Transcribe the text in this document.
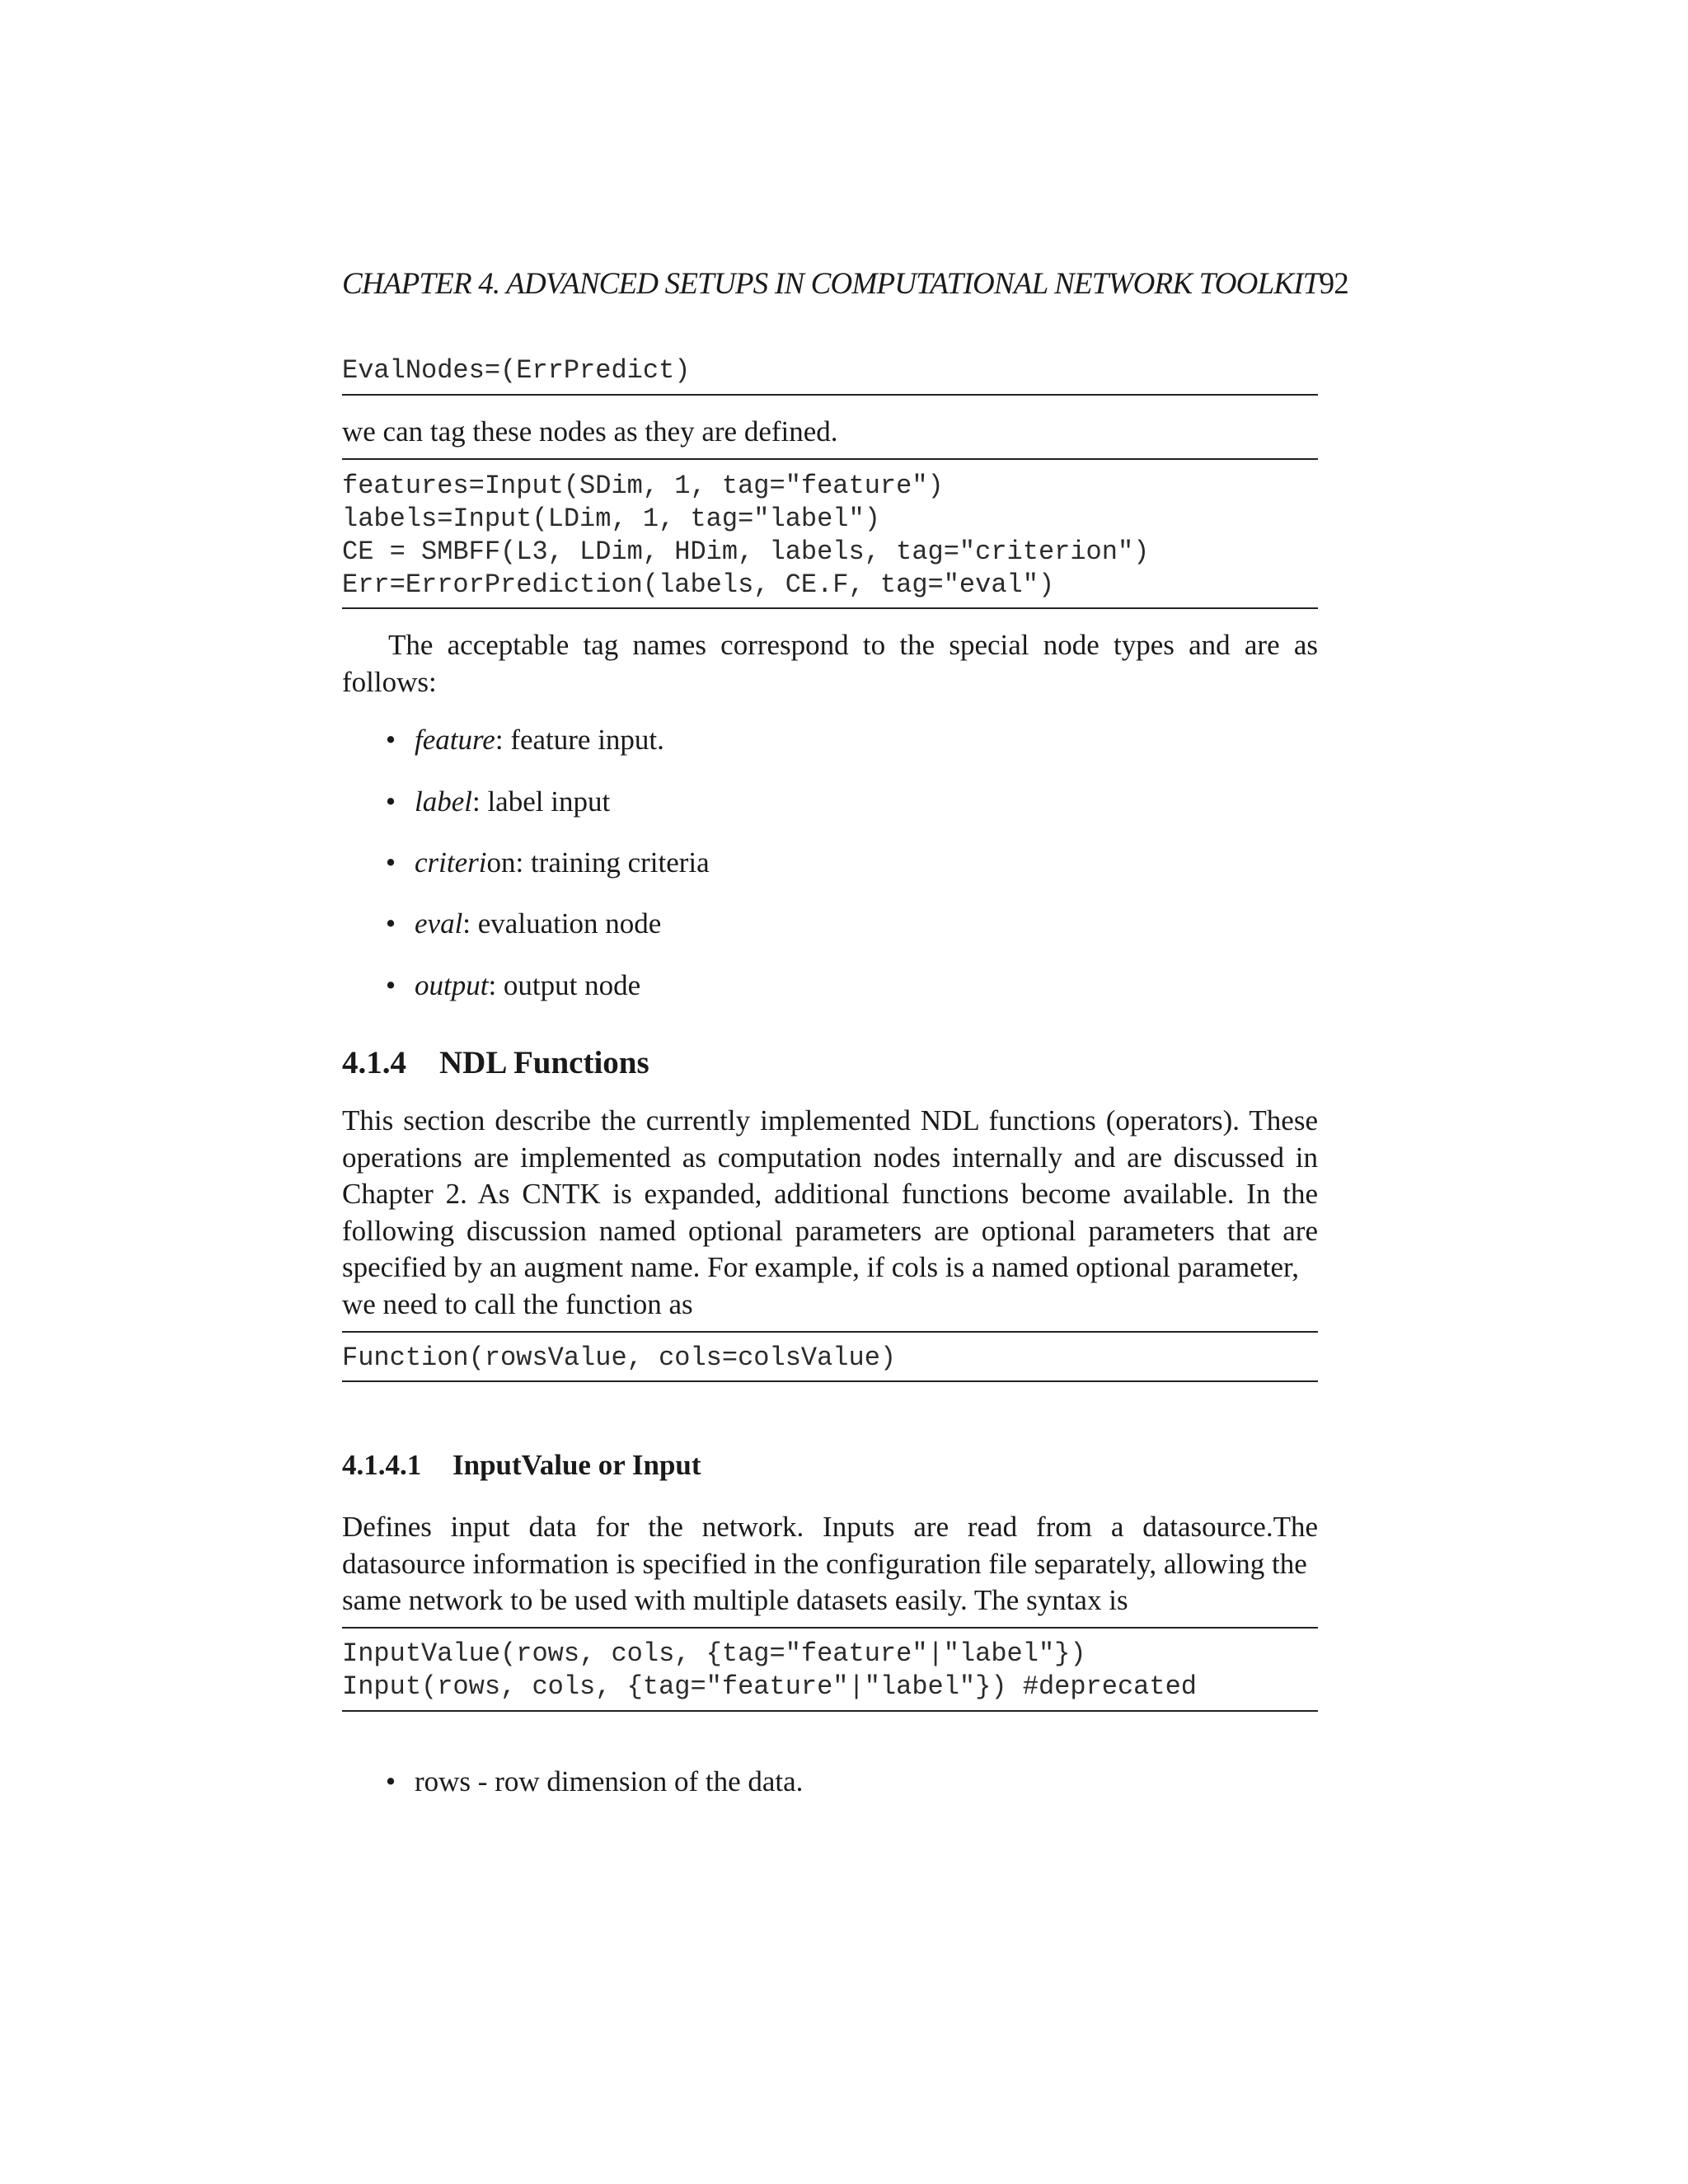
CHAPTER 4. ADVANCED SETUPS IN COMPUTATIONAL NETWORK TOOLKIT92
EvalNodes=(ErrPredict)
we can tag these nodes as they are defined.
features=Input(SDim, 1, tag="feature")
labels=Input(LDim, 1, tag="label")
CE = SMBFF(L3, LDim, HDim, labels, tag="criterion")
Err=ErrorPrediction(labels, CE.F, tag="eval")
The acceptable tag names correspond to the special node types and are as follows:
• feature: feature input.
• label: label input
• criterion: training criteria
• eval: evaluation node
• output: output node
4.1.4 NDL Functions
This section describe the currently implemented NDL functions (operators). These operations are implemented as computation nodes internally and are discussed in Chapter 2. As CNTK is expanded, additional functions become available. In the following discussion named optional parameters are optional parameters that are specified by an augment name. For example, if cols is a named optional parameter,
we need to call the function as
Function(rowsValue, cols=colsValue)
4.1.4.1 InputValue or Input
Defines input data for the network. Inputs are read from a datasource.The datasource information is specified in the configuration file separately, allowing the
same network to be used with multiple datasets easily. The syntax is
InputValue(rows, cols, {tag="feature"|"label"})
Input(rows, cols, {tag="feature"|"label"}) #deprecated
• rows - row dimension of the data.
